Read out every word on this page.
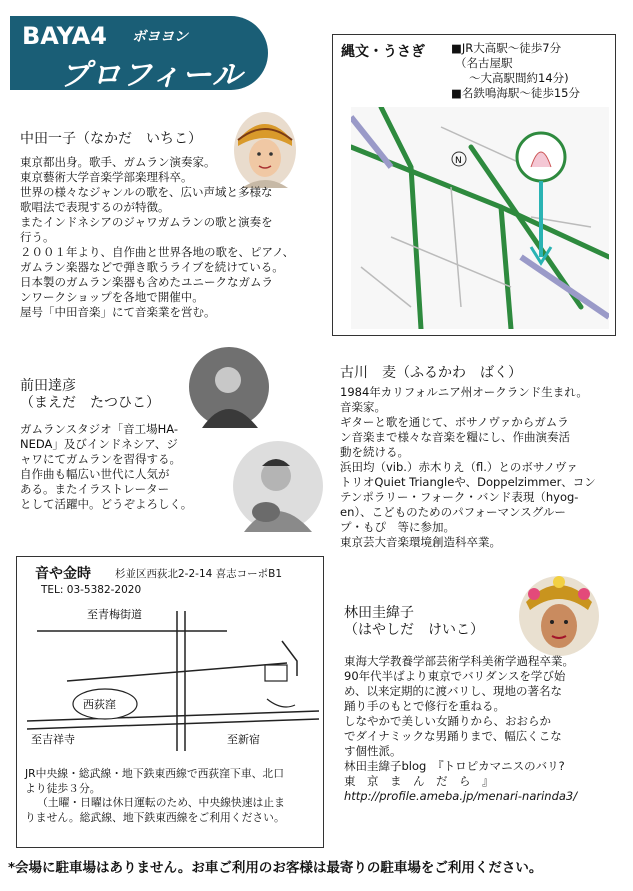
BAYA4 ボヨヨン
プロフィール
中田一子（なかだ　いちこ）

東京都出身。歌手、ガムラン演奏家。

東京藝術大学音楽学部楽理科卒。

世界の様々なジャンルの歌を、広い声域と多様な

歌唱法で表現するのが特徴。

またインドネシアのジャワガムランの歌と演奏を

行う。

２００１年より、自作曲と世界各地の歌を、ピアノ、

ガムラン楽器などで弾き歌うライブを続けている。

日本製のガムラン楽器も含めたユニークなガムラ

ンワークショップを各地で開催中。

屋号「中田音楽」にて音楽業を営む。

縄文・うさぎ ■JR大高駅〜徒歩7分
（名古屋駅
〜大高駅間約14分)
■名鉄鳴海駅〜徒歩15分
N
前田達彦
（まえだ　たつひこ）

ガムランスタジオ「音工場HA-

NEDA」及びインドネシア、ジ

ャワにてガムランを習得する。

自作曲も幅広い世代に人気が

ある。またイラストレーター

として活躍中。どうぞよろしく。

古川　麦（ふるかわ　ばく）

1984年カリフォルニア州オークランド生まれ。

音楽家。

ギターと歌を通じて、ボサノヴァからガムラ

ン音楽まで様々な音楽を糧にし、作曲演奏活

動を続ける。

浜田均（vib.）赤木りえ（fl.）とのボサノヴァ

トリオQuiet Triangleや、Doppelzimmer、コン

テンポラリー・フォーク・バンド表現（hyog-

en）、こどものためのパフォーマンスグルー

プ・もぴ　等に参加。

東京芸大音楽環境創造科卒業。

音や金時 杉並区西荻北2-2-14 喜志コーポB1
TEL: 03-5382-2020
至青梅街道
至吉祥寺
西荻窪
至新宿

JR中央線・総武線・地下鉄東西線で西荻窪下車、北口

より徒歩３分。

（土曜・日曜は休日運転のため、中央線快速は止ま

りません。総武線、地下鉄東西線をご利用ください。

林田圭緯子
（はやしだ　けいこ）

東海大学教養学部芸術学科美術学過程卒業。

90年代半ばより東京でバリダンスを学び始

め、以来定期的に渡バリし、現地の著名な

踊り手のもとで修行を重ねる。

しなやかで美しい女踊りから、おおらか

でダイナミックな男踊りまで、幅広くこな

す個性派。

林田圭緯子blog　『トロピカマニスのバリ?

東　京　ま　ん　だ　ら　』

http://profile.ameba.jp/menari-narinda3/

*会場に駐車場はありません。お車ご利用のお客様は最寄りの駐車場をご利用ください。
